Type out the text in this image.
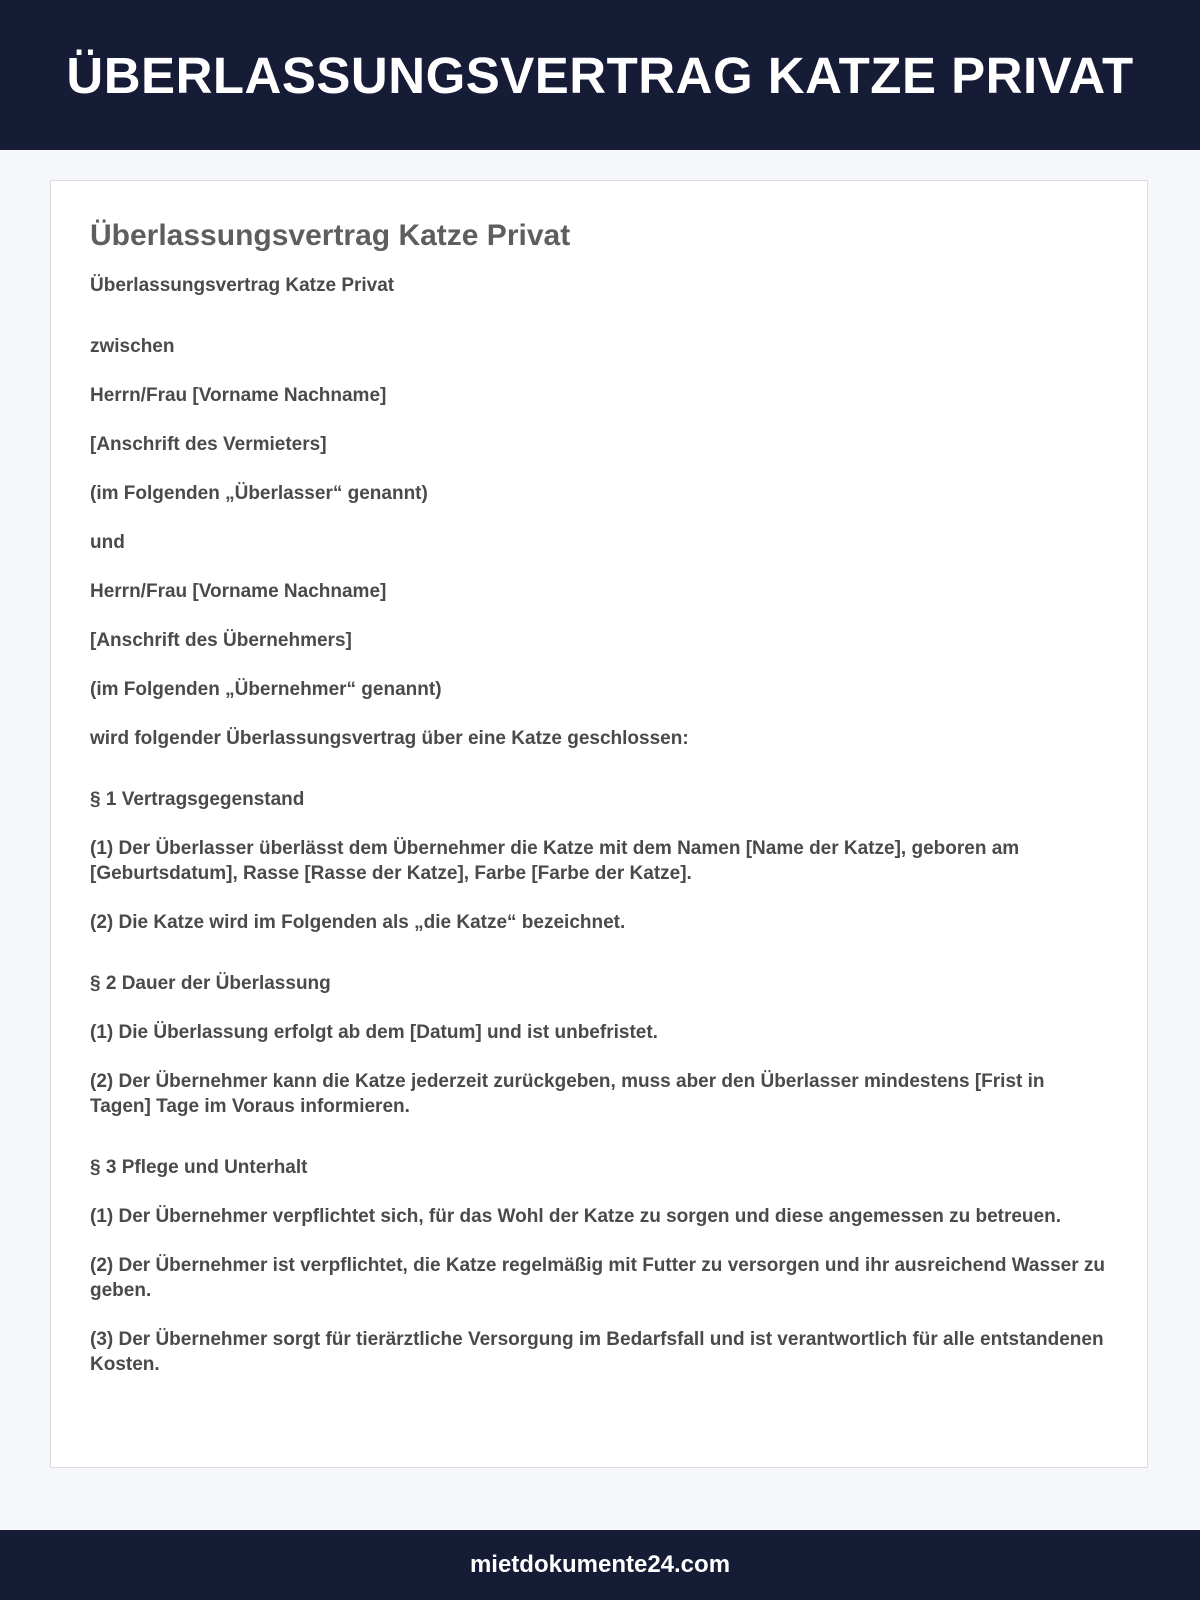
ÜBERLASSUNGSVERTRAG KATZE PRIVAT
Überlassungsvertrag Katze Privat

Überlassungsvertrag Katze Privat

zwischen

Herrn/Frau [Vorname Nachname]

[Anschrift des Vermieters]

(im Folgenden „Überlasser“ genannt)

und

Herrn/Frau [Vorname Nachname]

[Anschrift des Übernehmers]

(im Folgenden „Übernehmer“ genannt)

wird folgender Überlassungsvertrag über eine Katze geschlossen:

§ 1 Vertragsgegenstand

(1) Der Überlasser überlässt dem Übernehmer die Katze mit dem Namen [Name der Katze], geboren am [Geburtsdatum], Rasse [Rasse der Katze], Farbe [Farbe der Katze].

(2) Die Katze wird im Folgenden als „die Katze“ bezeichnet.

§ 2 Dauer der Überlassung

(1) Die Überlassung erfolgt ab dem [Datum] und ist unbefristet.

(2) Der Übernehmer kann die Katze jederzeit zurückgeben, muss aber den Überlasser mindestens [Frist in Tagen] Tage im Voraus informieren.

§ 3 Pflege und Unterhalt

(1) Der Übernehmer verpflichtet sich, für das Wohl der Katze zu sorgen und diese angemessen zu betreuen.

(2) Der Übernehmer ist verpflichtet, die Katze regelmäßig mit Futter zu versorgen und ihr ausreichend Wasser zu geben.

(3) Der Übernehmer sorgt für tierärztliche Versorgung im Bedarfsfall und ist verantwortlich für alle entstandenen Kosten.

mietdokumente24.com
